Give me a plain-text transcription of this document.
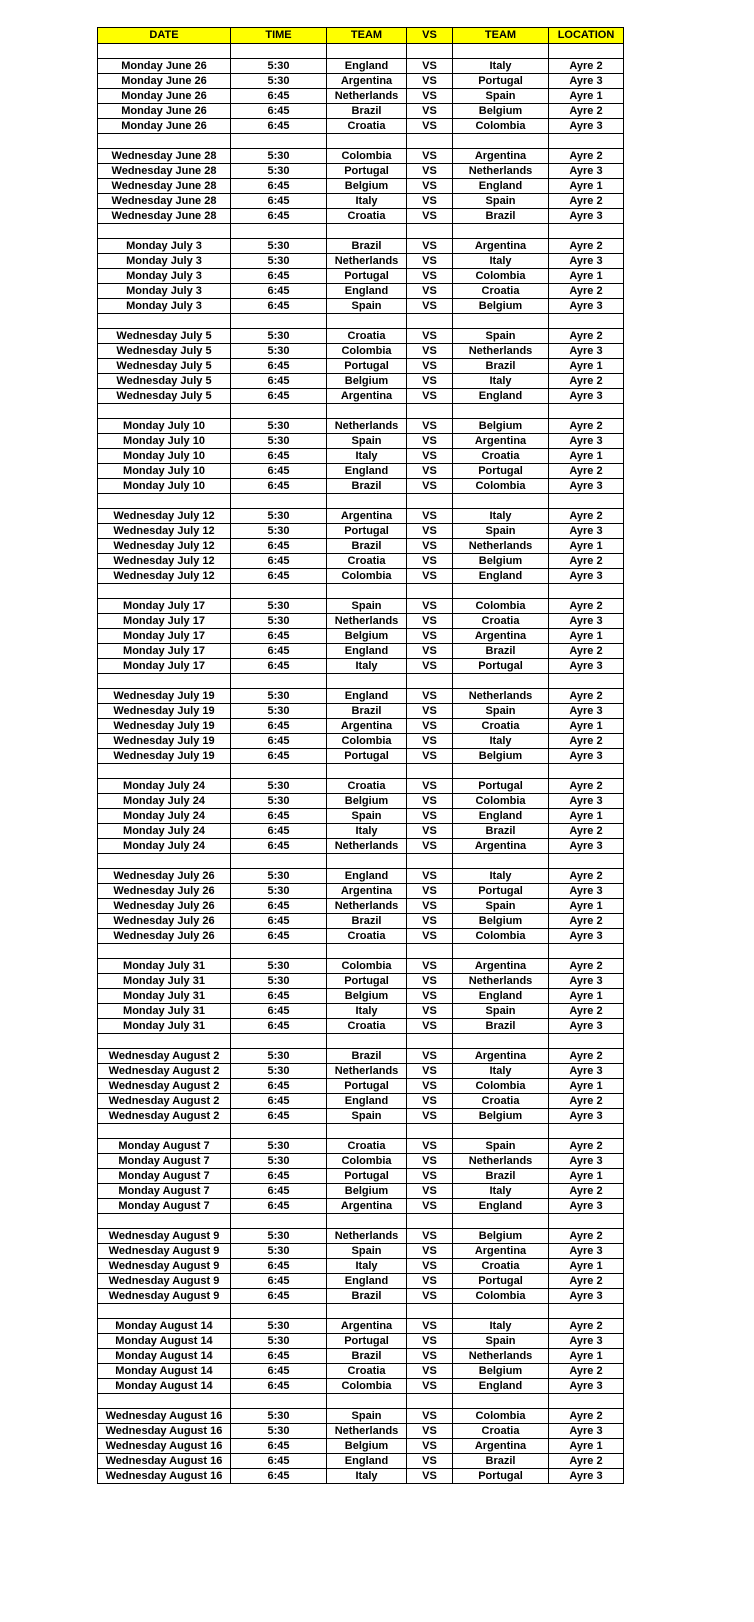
DATE	TIME	TEAM	VS	TEAM	LOCATION

Monday June 26	5:30	England	VS	Italy	Ayre 2
Monday June 26	5:30	Argentina	VS	Portugal	Ayre 3
Monday June 26	6:45	Netherlands	VS	Spain	Ayre 1
Monday June 26	6:45	Brazil	VS	Belgium	Ayre 2
Monday June 26	6:45	Croatia	VS	Colombia	Ayre 3

Wednesday June 28	5:30	Colombia	VS	Argentina	Ayre 2
Wednesday June 28	5:30	Portugal	VS	Netherlands	Ayre 3
Wednesday June 28	6:45	Belgium	VS	England	Ayre 1
Wednesday June 28	6:45	Italy	VS	Spain	Ayre 2
Wednesday June 28	6:45	Croatia	VS	Brazil	Ayre 3

Monday July 3	5:30	Brazil	VS	Argentina	Ayre 2
Monday July 3	5:30	Netherlands	VS	Italy	Ayre 3
Monday July 3	6:45	Portugal	VS	Colombia	Ayre 1
Monday July 3	6:45	England	VS	Croatia	Ayre 2
Monday July 3	6:45	Spain	VS	Belgium	Ayre 3

Wednesday July 5	5:30	Croatia	VS	Spain	Ayre 2
Wednesday July 5	5:30	Colombia	VS	Netherlands	Ayre 3
Wednesday July 5	6:45	Portugal	VS	Brazil	Ayre 1
Wednesday July 5	6:45	Belgium	VS	Italy	Ayre 2
Wednesday July 5	6:45	Argentina	VS	England	Ayre 3

Monday July 10	5:30	Netherlands	VS	Belgium	Ayre 2
Monday July 10	5:30	Spain	VS	Argentina	Ayre 3
Monday July 10	6:45	Italy	VS	Croatia	Ayre 1
Monday July 10	6:45	England	VS	Portugal	Ayre 2
Monday July 10	6:45	Brazil	VS	Colombia	Ayre 3

Wednesday July 12	5:30	Argentina	VS	Italy	Ayre 2
Wednesday July 12	5:30	Portugal	VS	Spain	Ayre 3
Wednesday July 12	6:45	Brazil	VS	Netherlands	Ayre 1
Wednesday July 12	6:45	Croatia	VS	Belgium	Ayre 2
Wednesday July 12	6:45	Colombia	VS	England	Ayre 3

Monday July 17	5:30	Spain	VS	Colombia	Ayre 2
Monday July 17	5:30	Netherlands	VS	Croatia	Ayre 3
Monday July 17	6:45	Belgium	VS	Argentina	Ayre 1
Monday July 17	6:45	England	VS	Brazil	Ayre 2
Monday July 17	6:45	Italy	VS	Portugal	Ayre 3

Wednesday July 19	5:30	England	VS	Netherlands	Ayre 2
Wednesday July 19	5:30	Brazil	VS	Spain	Ayre 3
Wednesday July 19	6:45	Argentina	VS	Croatia	Ayre 1
Wednesday July 19	6:45	Colombia	VS	Italy	Ayre 2
Wednesday July 19	6:45	Portugal	VS	Belgium	Ayre 3

Monday July 24	5:30	Croatia	VS	Portugal	Ayre 2
Monday July 24	5:30	Belgium	VS	Colombia	Ayre 3
Monday July 24	6:45	Spain	VS	England	Ayre 1
Monday July 24	6:45	Italy	VS	Brazil	Ayre 2
Monday July 24	6:45	Netherlands	VS	Argentina	Ayre 3

Wednesday July 26	5:30	England	VS	Italy	Ayre 2
Wednesday July 26	5:30	Argentina	VS	Portugal	Ayre 3
Wednesday July 26	6:45	Netherlands	VS	Spain	Ayre 1
Wednesday July 26	6:45	Brazil	VS	Belgium	Ayre 2
Wednesday July 26	6:45	Croatia	VS	Colombia	Ayre 3

Monday July 31	5:30	Colombia	VS	Argentina	Ayre 2
Monday July 31	5:30	Portugal	VS	Netherlands	Ayre 3
Monday July 31	6:45	Belgium	VS	England	Ayre 1
Monday July 31	6:45	Italy	VS	Spain	Ayre 2
Monday July 31	6:45	Croatia	VS	Brazil	Ayre 3

Wednesday August 2	5:30	Brazil	VS	Argentina	Ayre 2
Wednesday August 2	5:30	Netherlands	VS	Italy	Ayre 3
Wednesday August 2	6:45	Portugal	VS	Colombia	Ayre 1
Wednesday August 2	6:45	England	VS	Croatia	Ayre 2
Wednesday August 2	6:45	Spain	VS	Belgium	Ayre 3

Monday August 7	5:30	Croatia	VS	Spain	Ayre 2
Monday August 7	5:30	Colombia	VS	Netherlands	Ayre 3
Monday August 7	6:45	Portugal	VS	Brazil	Ayre 1
Monday August 7	6:45	Belgium	VS	Italy	Ayre 2
Monday August 7	6:45	Argentina	VS	England	Ayre 3

Wednesday August 9	5:30	Netherlands	VS	Belgium	Ayre 2
Wednesday August 9	5:30	Spain	VS	Argentina	Ayre 3
Wednesday August 9	6:45	Italy	VS	Croatia	Ayre 1
Wednesday August 9	6:45	England	VS	Portugal	Ayre 2
Wednesday August 9	6:45	Brazil	VS	Colombia	Ayre 3

Monday August 14	5:30	Argentina	VS	Italy	Ayre 2
Monday August 14	5:30	Portugal	VS	Spain	Ayre 3
Monday August 14	6:45	Brazil	VS	Netherlands	Ayre 1
Monday August 14	6:45	Croatia	VS	Belgium	Ayre 2
Monday August 14	6:45	Colombia	VS	England	Ayre 3

Wednesday August 16	5:30	Spain	VS	Colombia	Ayre 2
Wednesday August 16	5:30	Netherlands	VS	Croatia	Ayre 3
Wednesday August 16	6:45	Belgium	VS	Argentina	Ayre 1
Wednesday August 16	6:45	England	VS	Brazil	Ayre 2
Wednesday August 16	6:45	Italy	VS	Portugal	Ayre 3
